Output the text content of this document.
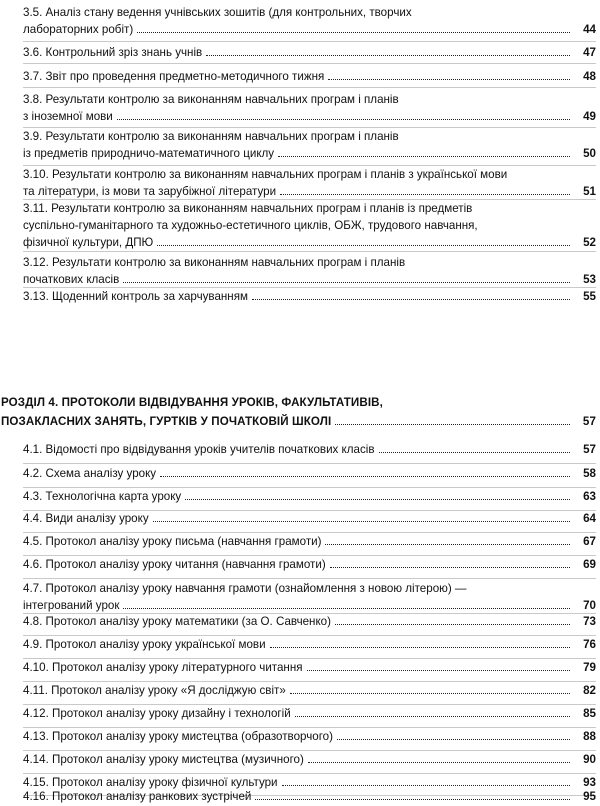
3.5. Аналіз стану ведення учнівських зошитів (для контрольних, творчих
лабораторних робіт)	44
3.6. Контрольний зріз знань учнів	47
3.7. Звіт про проведення предметно-методичного тижня	48
3.8. Результати контролю за виконанням навчальних програм і планів
з іноземної мови	49
3.9. Результати контролю за виконанням навчальних програм і планів
із предметів природничо-математичного циклу	50
3.10. Результати контролю за виконанням навчальних програм і планів з української мови
та літератури, із мови та зарубіжної літератури	51
3.11. Результати контролю за виконанням навчальних програм і планів із предметів
суспільно-гуманітарного та художньо-естетичного циклів, ОБЖ, трудового навчання,
фізичної культури, ДПЮ	52
3.12. Результати контролю за виконанням навчальних програм і планів
початкових класів	53
3.13. Щоденний контроль за харчуванням	55
РОЗДІЛ 4. ПРОТОКОЛИ ВІДВІДУВАННЯ УРОКІВ, ФАКУЛЬТАТИВІВ,
ПОЗАКЛАСНИХ ЗАНЯТЬ, ГУРТКІВ У ПОЧАТКОВІЙ ШКОЛІ	57
4.1. Відомості про відвідування уроків учителів початкових класів	57
4.2. Схема аналізу уроку	58
4.3. Технологічна карта уроку	63
4.4. Види аналізу уроку	64
4.5. Протокол аналізу уроку письма (навчання грамоти)	67
4.6. Протокол аналізу уроку читання (навчання грамоти)	69
4.7. Протокол аналізу уроку навчання грамоти (ознайомлення з новою літерою) —
інтегрований урок	70
4.8. Протокол аналізу уроку математики (за О. Савченко)	73
4.9. Протокол аналізу уроку української мови	76
4.10. Протокол аналізу уроку літературного читання	79
4.11. Протокол аналізу уроку «Я досліджую світ»	82
4.12. Протокол аналізу уроку дизайну і технологій	85
4.13. Протокол аналізу уроку мистецтва (образотворчого)	88
4.14. Протокол аналізу уроку мистецтва (музичного)	90
4.15. Протокол аналізу уроку фізичної культури	93
4.16. Протокол аналізу ранкових зустрічей	95
